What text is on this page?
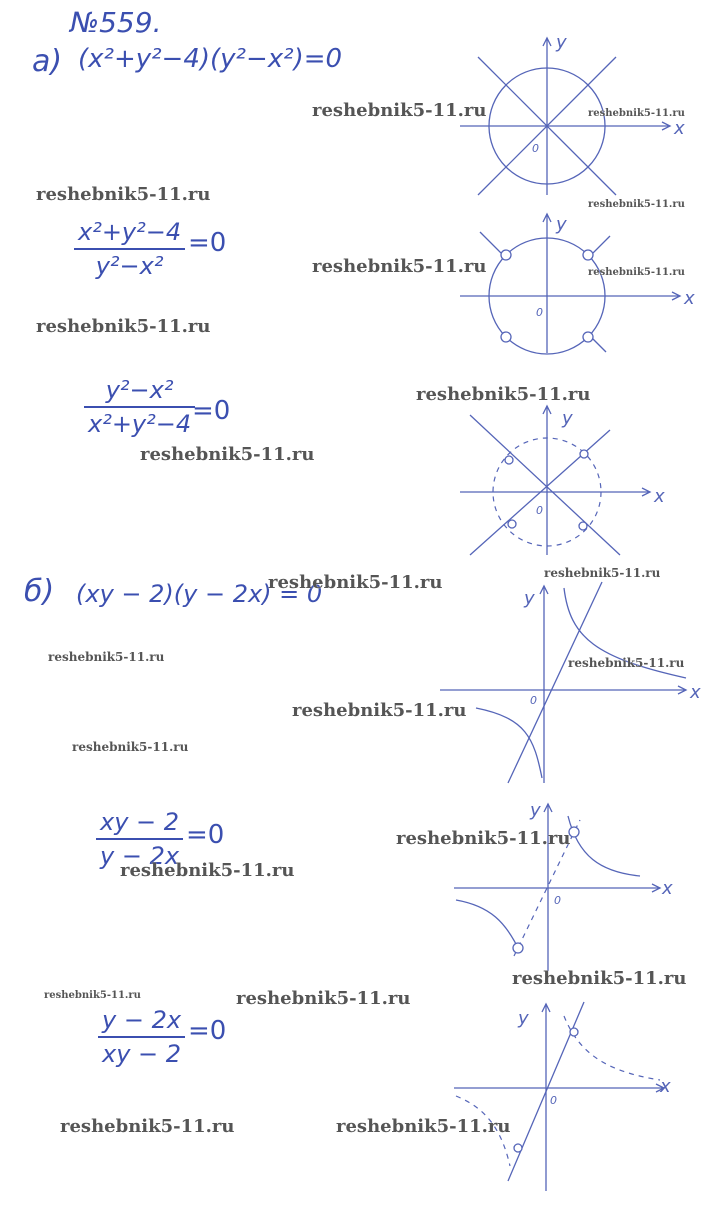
№559.
а) (x²+y²−4)(y²−x²)=0
x²+y²−4
y²−x²
=0
y²−x²
x²+y²−4 =0
б) (xy − 2)(y − 2x) = 0
xy − 2
y − 2x
=0
y − 2x
xy − 2
=0
x
y
0
x
y
0
x
y
0
x
y
0
x
y
0
x
y
0
reshebnik5-11.ru	reshebnik5-11.ru
reshebnik5-11.ru	reshebnik5-11.ru
reshebnik5-11.ru	reshebnik5-11.ru
reshebnik5-11.ru
reshebnik5-11.ru
reshebnik5-11.ru
reshebnik5-11.ru
reshebnik5-11.ru
reshebnik5-11.ru	reshebnik5-11.ru
reshebnik5-11.ru
reshebnik5-11.ru
reshebnik5-11.ru
reshebnik5-11.ru
reshebnik5-11.ru
reshebnik5-11.ru	reshebnik5-11.ru
reshebnik5-11.ru	reshebnik5-11.ru
